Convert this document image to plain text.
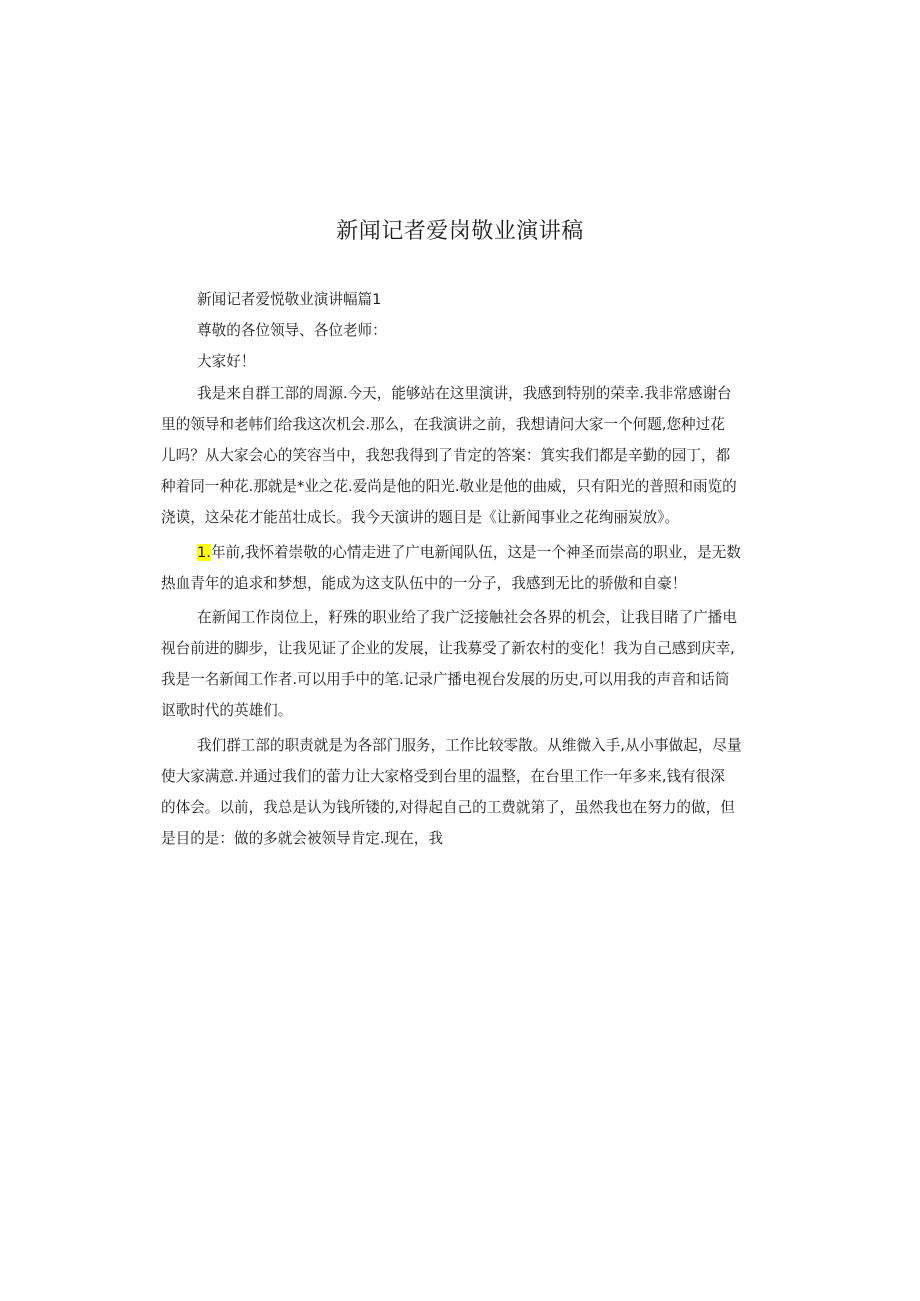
新闻记者爱岗敬业演讲稿
新闻记者爱悦敬业演讲幅篇1
尊敬的各位领导、各位老师：
大家好！
我是来自群工部的周源.今天，能够站在这里演讲，我感到特别的荣幸.我非常感谢台
里的领导和老帏们给我这次机会.那么，在我演讲之前，我想请问大家一个何题,您种过花
儿吗？从大家会心的笑容当中，我恕我得到了肯定的答案：箕实我们都是辛勤的园丁，都
种着同一种花.那就是*业之花.爱尚是他的阳光.敬业是他的曲威，只有阳光的普照和雨览的
浇谟，这朵花才能茁壮成长。我今天演讲的题目是《让新闻事业之花绚丽炭放》。
1.年前,我怀着崇敬的心情走进了广电新闻队伍，这是一个神圣而崇高的职业，是无数
热血青年的追求和梦想，能成为这支队伍中的一分子，我感到无比的骄傲和自豪！
在新闻工作岗位上，籽殊的职业给了我广泛接触社会各界的机会，让我目睹了广播电
视台前进的脚步，让我见证了企业的发展，让我募受了新农村的变化！我为自己感到庆幸,
我是一名新闻工作者.可以用手中的笔.记录广播电视台发展的历史,可以用我的声音和话筒
讴歌时代的英雄们。
我们群工部的职责就是为各部门服务，工作比较零散。从维微入手,从小事做起，尽量
使大家满意.并通过我们的蕾力让大家格受到台里的温整，在台里工作一年多来,钱有很深
的体会。以前，我总是认为钱所镂的,对得起自己的工费就第了，虽然我也在努力的做，但
是目的是：做的多就会被领导肯定.现在，我
